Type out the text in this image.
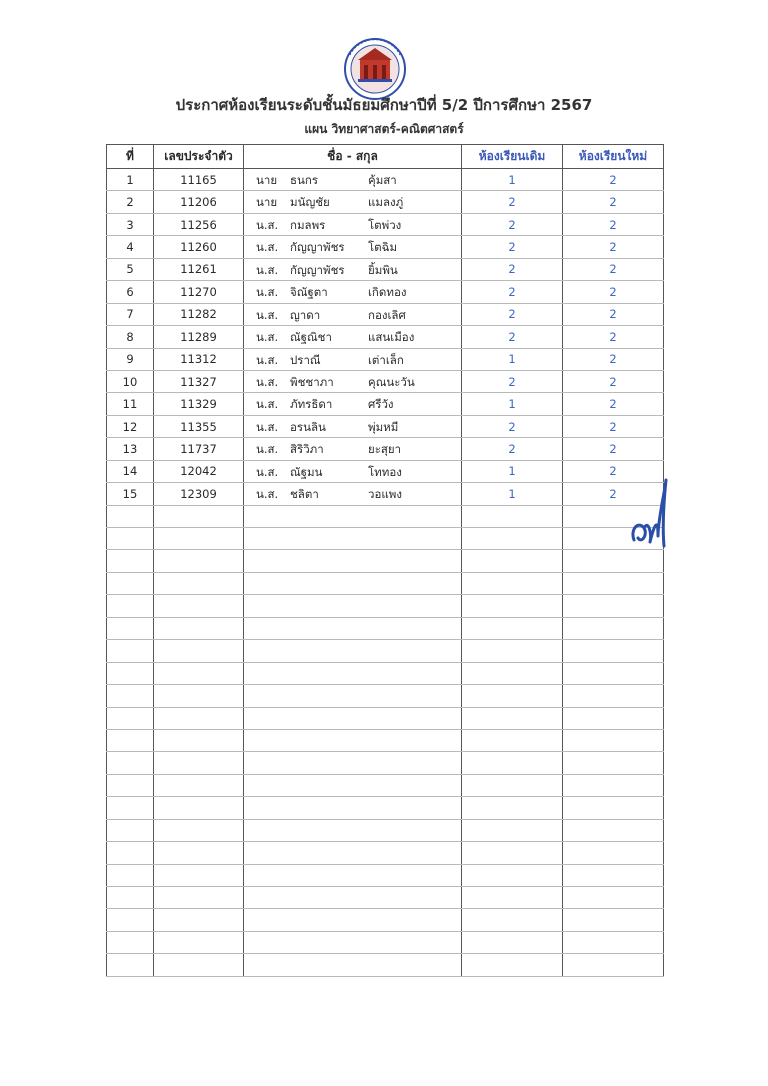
ประกาศห้องเรียนระดับชั้นมัธยมศึกษาปีที่ 5/2 ปีการศึกษา 2567
แผน วิทยาศาสตร์-คณิตศาสตร์
ที่	เลขประจำตัว	ชื่อ - สกุล	ห้องเรียนเดิม	ห้องเรียนใหม่
1	11165	นาย ธนกร คุ้มสา	1	2
2	11206	นาย มนัญชัย แมลงภู่	2	2
3	11256	น.ส. กมลพร โตพ่วง	2	2
4	11260	น.ส. กัญญาพัชร โตฉิม	2	2
5	11261	น.ส. กัญญาพัชร ยิ้มพิน	2	2
6	11270	น.ส. จิณัฐตา เกิดทอง	2	2
7	11282	น.ส. ญาดา กองเลิศ	2	2
8	11289	น.ส. ณัฐณิชา แสนเมือง	2	2
9	11312	น.ส. ปราณี เต่าเล็ก	1	2
10	11327	น.ส. พิชชาภา คุณนะวัน	2	2
11	11329	น.ส. ภัทรธิดา ศรีวัง	1	2
12	11355	น.ส. อรนลิน พุ่มหมี	2	2
13	11737	น.ส. สิริวิภา ยะสุยา	2	2
14	12042	น.ส. ณัฐมน โททอง	1	2
15	12309	น.ส. ชลิตา วอแพง	1	2
